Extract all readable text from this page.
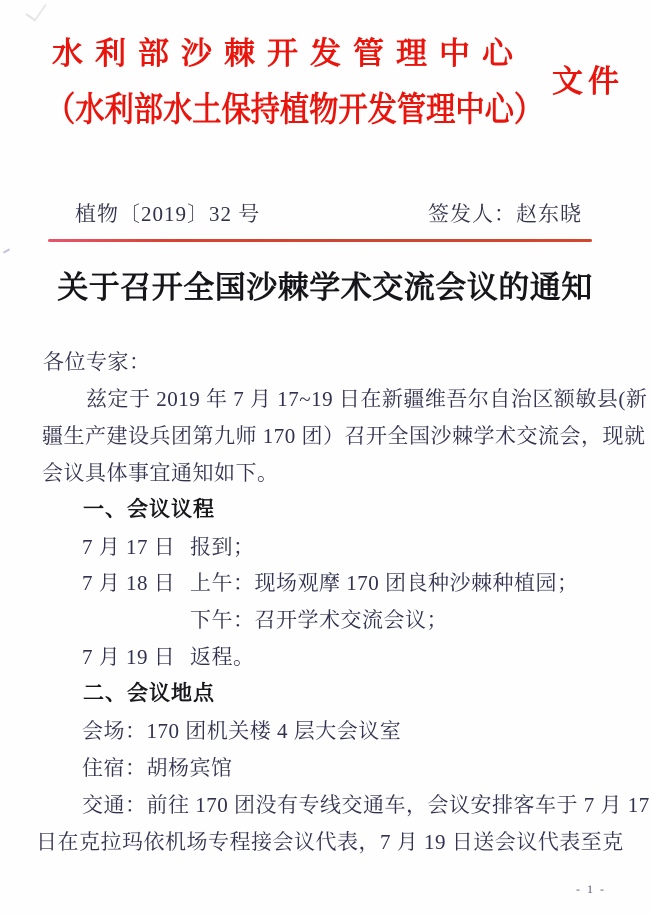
水利部沙棘开发管理中心
文件
（水利部水土保持植物开发管理中心）
植物〔2019〕32 号	签发人：赵东晓
关于召开全国沙棘学术交流会议的通知
各位专家：
兹定于 2019 年 7 月 17~19 日在新疆维吾尔自治区额敏县(新
疆生产建设兵团第九师 170 团）召开全国沙棘学术交流会，现就
会议具体事宜通知如下。
一、会议议程
7 月 17 日 报到；
7 月 18 日 上午：现场观摩 170 团良种沙棘种植园；
下午：召开学术交流会议；
7 月 19 日 返程。
二、会议地点
会场：170 团机关楼 4 层大会议室
住宿：胡杨宾馆
交通：前往 170 团没有专线交通车，会议安排客车于 7 月 17
日在克拉玛依机场专程接会议代表，7 月 19 日送会议代表至克
- 1 -
